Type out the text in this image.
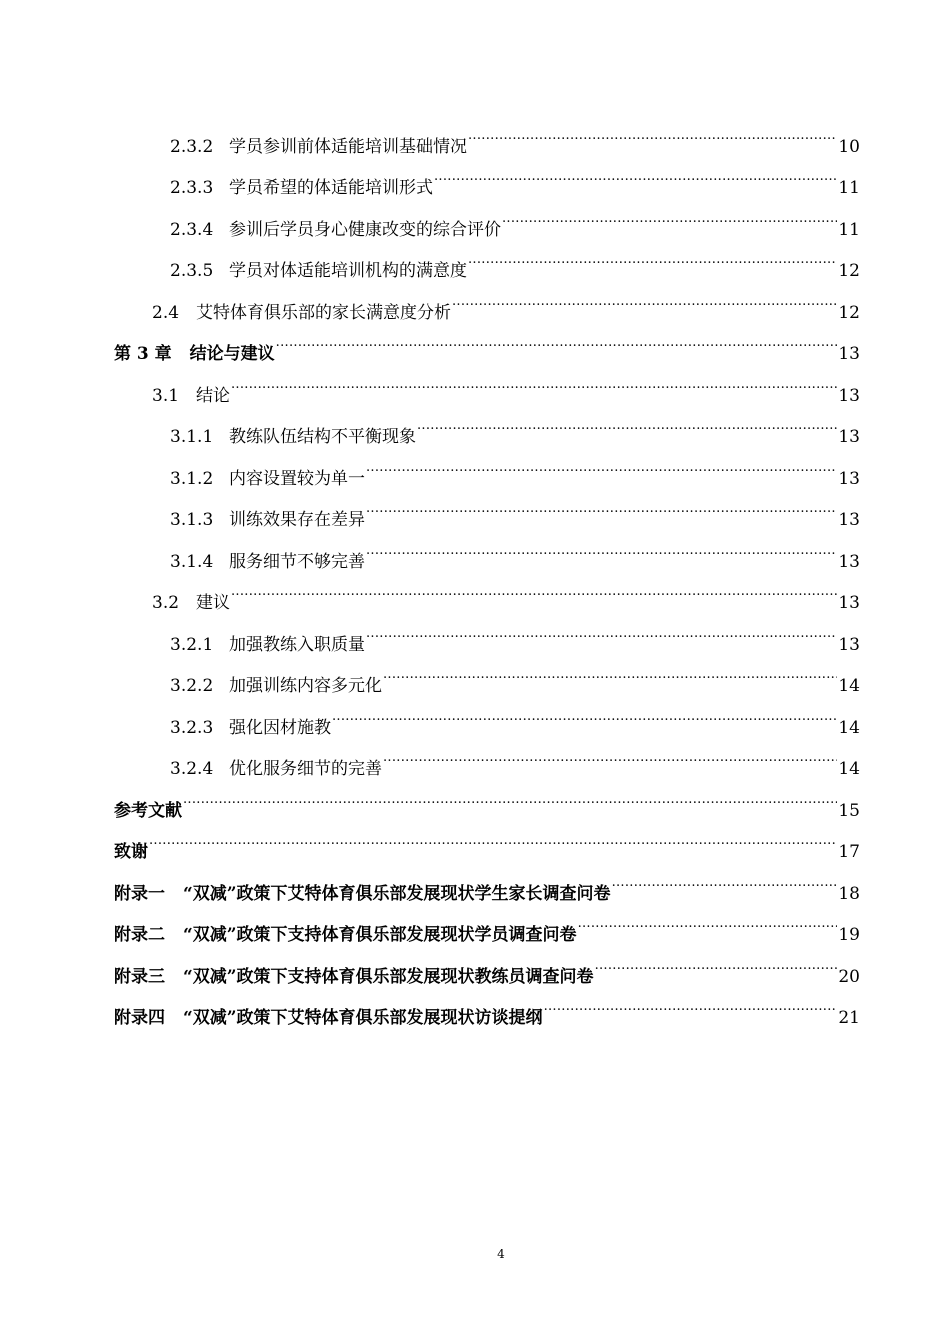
2.3.2 学员参训前体适能培训基础情况 .....	10
2.3.3 学员希望的体适能培训形式 .....	11
2.3.4 参训后学员身心健康改变的综合评价 .....	11
2.3.5 学员对体适能培训机构的满意度 .....	12
2.4 艾特体育俱乐部的家长满意度分析 .....	12
第 3 章	结论与建议 .....	13
3.1 结论 .....	13
3.1.1 教练队伍结构不平衡现象 .....	13
3.1.2 内容设置较为单一 .....	13
3.1.3 训练效果存在差异 .....	13
3.1.4 服务细节不够完善 .....	13
3.2 建议 .....	13
3.2.1 加强教练入职质量 .....	13
3.2.2 加强训练内容多元化 .....	14
3.2.3 强化因材施教 .....	14
3.2.4 优化服务细节的完善 .....	14
参考文献 .....	15
致谢 .....	17
附录一	“双减”政策下艾特体育俱乐部发展现状学生家长调查问卷 .....	18
附录二	“双减”政策下支持体育俱乐部发展现状学员调查问卷 .....	19
附录三	“双减”政策下支持体育俱乐部发展现状教练员调查问卷 .....	20
附录四	“双减”政策下艾特体育俱乐部发展现状访谈提纲 .....	21
4
